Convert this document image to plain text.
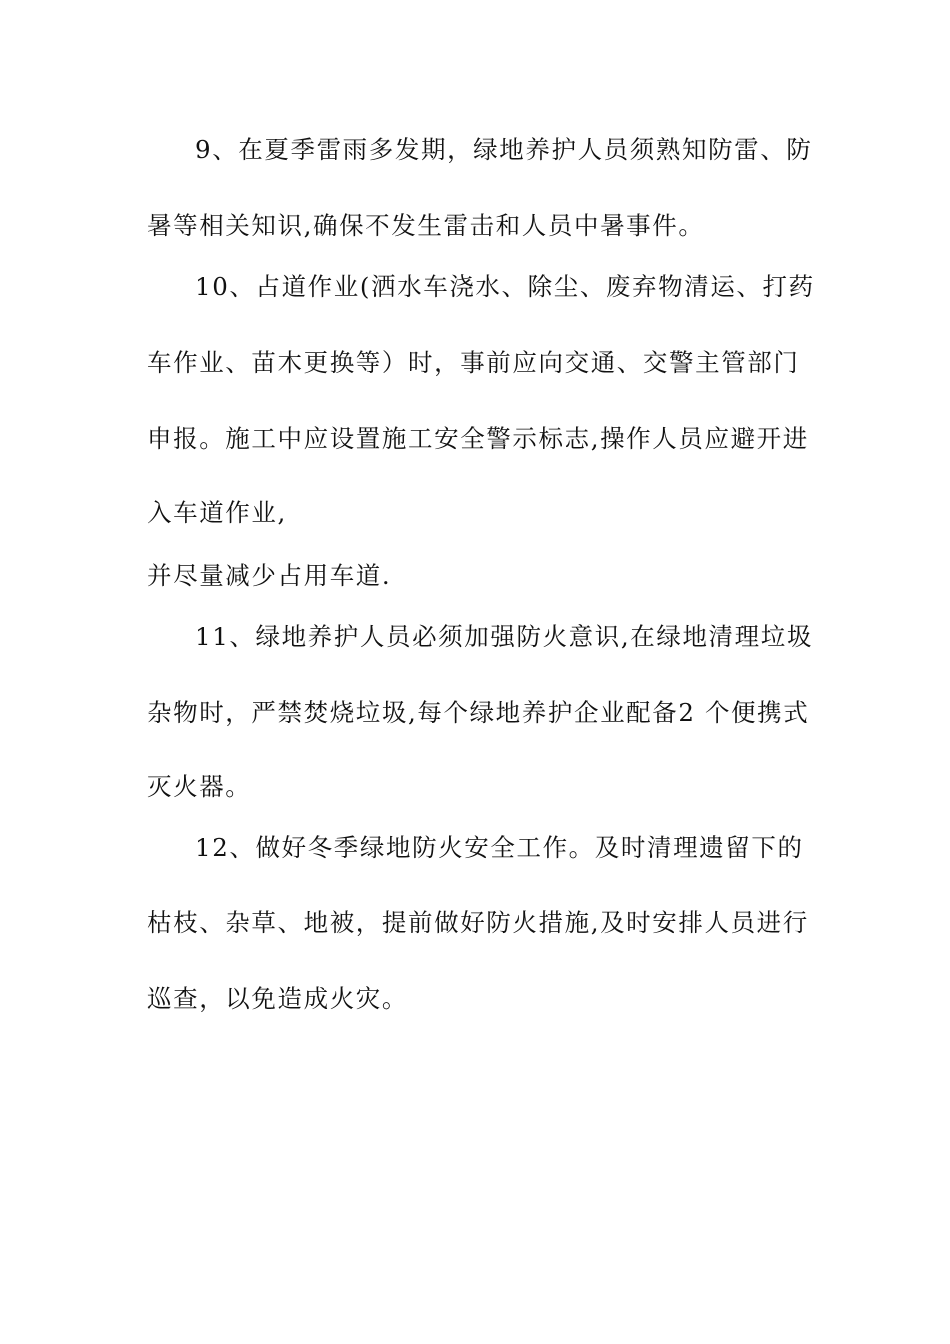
9、在夏季雷雨多发期，绿地养护人员须熟知防雷、防
暑等相关知识,确保不发生雷击和人员中暑事件。
10、占道作业(洒水车浇水、除尘、废弃物清运、打药
车作业、苗木更换等）时，事前应向交通、交警主管部门
申报。施工中应设置施工安全警示标志,操作人员应避开进
入车道作业,
并尽量减少占用车道.
11、绿地养护人员必须加强防火意识,在绿地清理垃圾
杂物时，严禁焚烧垃圾,每个绿地养护企业配备2 个便携式
灭火器。
12、做好冬季绿地防火安全工作。及时清理遗留下的
枯枝、杂草、地被，提前做好防火措施,及时安排人员进行
巡查，以免造成火灾。
